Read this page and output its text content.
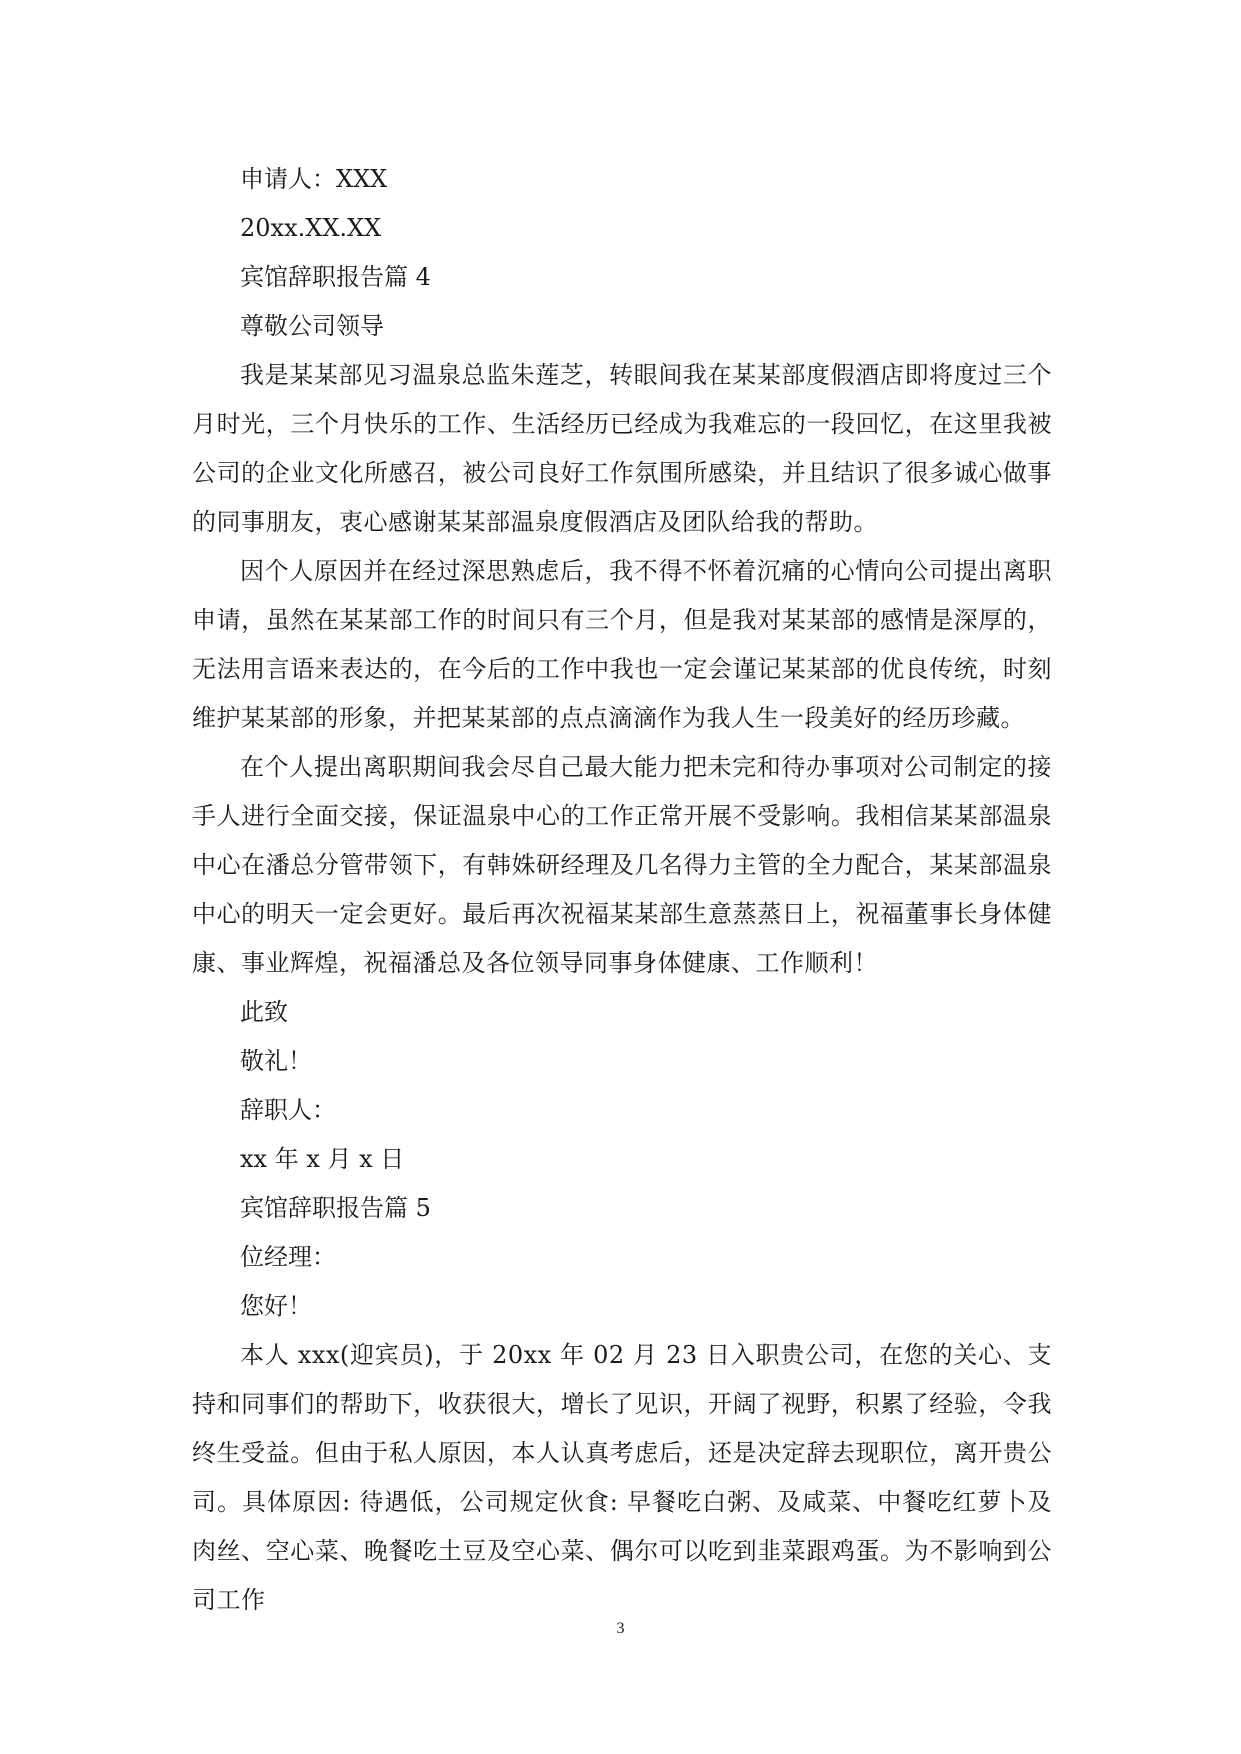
申请人：XXX

20xx.XX.XX

宾馆辞职报告篇 4

尊敬公司领导

我是某某部见习温泉总监朱莲芝，转眼间我在某某部度假酒店即将度过三个月时光，三个月快乐的工作、生活经历已经成为我难忘的一段回忆，在这里我被公司的企业文化所感召，被公司良好工作氛围所感染，并且结识了很多诚心做事的同事朋友，衷心感谢某某部温泉度假酒店及团队给我的帮助。

因个人原因并在经过深思熟虑后，我不得不怀着沉痛的心情向公司提出离职申请，虽然在某某部工作的时间只有三个月，但是我对某某部的感情是深厚的，无法用言语来表达的，在今后的工作中我也一定会谨记某某部的优良传统，时刻维护某某部的形象，并把某某部的点点滴滴作为我人生一段美好的经历珍藏。

在个人提出离职期间我会尽自己最大能力把未完和待办事项对公司制定的接手人进行全面交接，保证温泉中心的工作正常开展不受影响。我相信某某部温泉中心在潘总分管带领下，有韩姝研经理及几名得力主管的全力配合，某某部温泉中心的明天一定会更好。最后再次祝福某某部生意蒸蒸日上，祝福董事长身体健康、事业辉煌，祝福潘总及各位领导同事身体健康、工作顺利！

此致

敬礼！

辞职人：

xx 年 x 月 x 日

宾馆辞职报告篇 5

位经理：

您好！

本人 xxx(迎宾员)，于 20xx 年 02 月 23 日入职贵公司，在您的关心、支持和同事们的帮助下，收获很大，增长了见识，开阔了视野，积累了经验，令我终生受益。但由于私人原因，本人认真考虑后，还是决定辞去现职位，离开贵公司。具体原因: 待遇低，公司规定伙食: 早餐吃白粥、及咸菜、中餐吃红萝卜及肉丝、空心菜、晚餐吃土豆及空心菜、偶尔可以吃到韭菜跟鸡蛋。为不影响到公司工作

3
